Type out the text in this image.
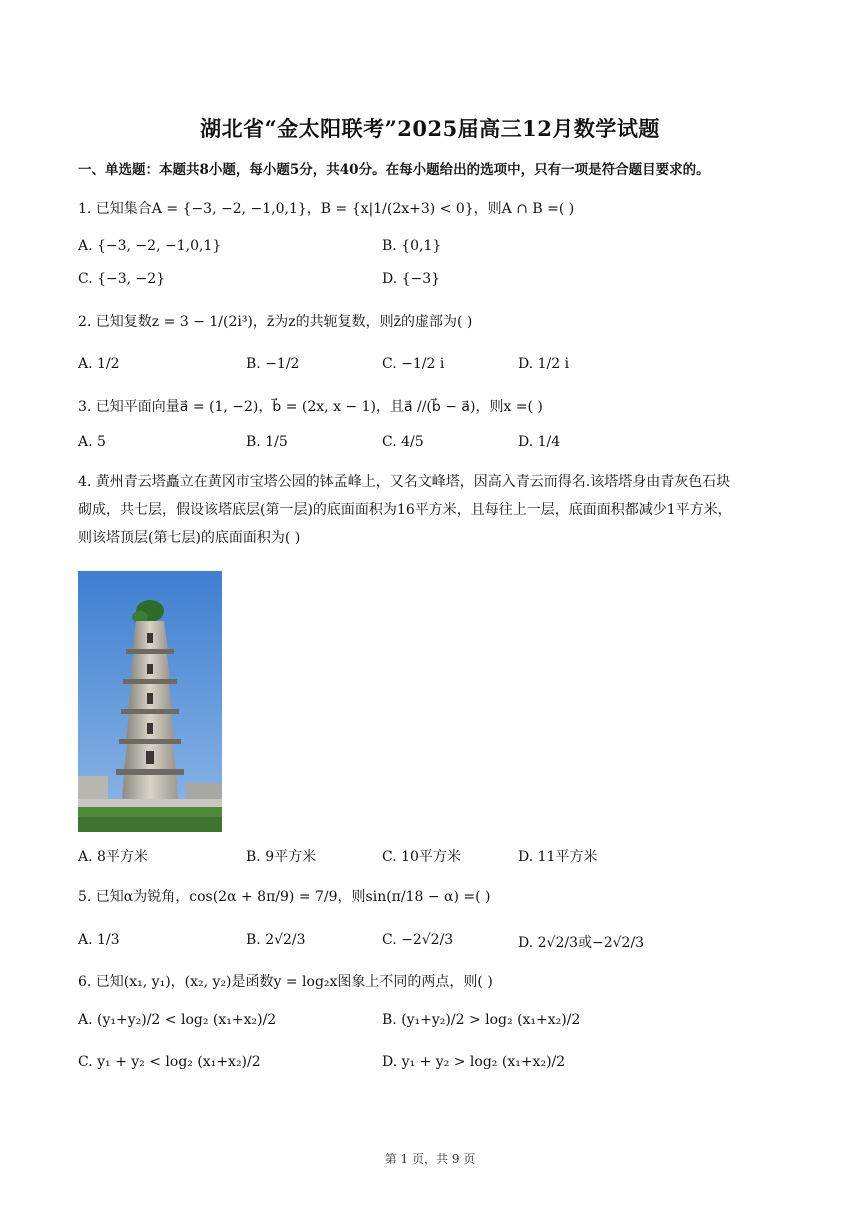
湖北省“金太阳联考”2025届高三12月数学试题
一、单选题：本题共8小题，每小题5分，共40分。在每小题给出的选项中，只有一项是符合题目要求的。
1. 已知集合A = {−3, −2, −1,0,1}，B = {x|1/(2x+3) < 0}，则A ∩ B =( )
A. {−3, −2, −1,0,1}	B. {0,1}
C. {−3, −2}	D. {−3}
2. 已知复数z = 3 − 1/(2i³)，z̄为z的共轭复数，则z̄的虚部为( )
A. 1/2	B. −1/2	C. −1/2 i	D. 1/2 i
3. 已知平面向量a⃗ = (1, −2)，b⃗ = (2x, x − 1)，且a⃗ //(b⃗ − a⃗)，则x =( )
A. 5	B. 1/5	C. 4/5	D. 1/4
4. 黄州青云塔矗立在黄冈市宝塔公园的钵孟峰上，又名文峰塔，因高入青云而得名.该塔塔身由青灰色石块
砌成，共七层，假设该塔底层(第一层)的底面面积为16平方米，且每往上一层，底面面积都减少1平方米，
则该塔顶层(第七层)的底面面积为( )
A. 8平方米	B. 9平方米	C. 10平方米	D. 11平方米
5. 已知α为锐角，cos(2α + 8π/9) = 7/9，则sin(π/18 − α) =( )
A. 1/3	B. 2√2/3	C. −2√2/3	D. 2√2/3或−2√2/3
6. 已知(x₁, y₁)，(x₂, y₂)是函数y = log₂x图象上不同的两点，则( )
A. (y₁+y₂)/2 < log₂ (x₁+x₂)/2	B. (y₁+y₂)/2 > log₂ (x₁+x₂)/2
C. y₁ + y₂ < log₂ (x₁+x₂)/2	D. y₁ + y₂ > log₂ (x₁+x₂)/2
第 1 页，共 9 页
